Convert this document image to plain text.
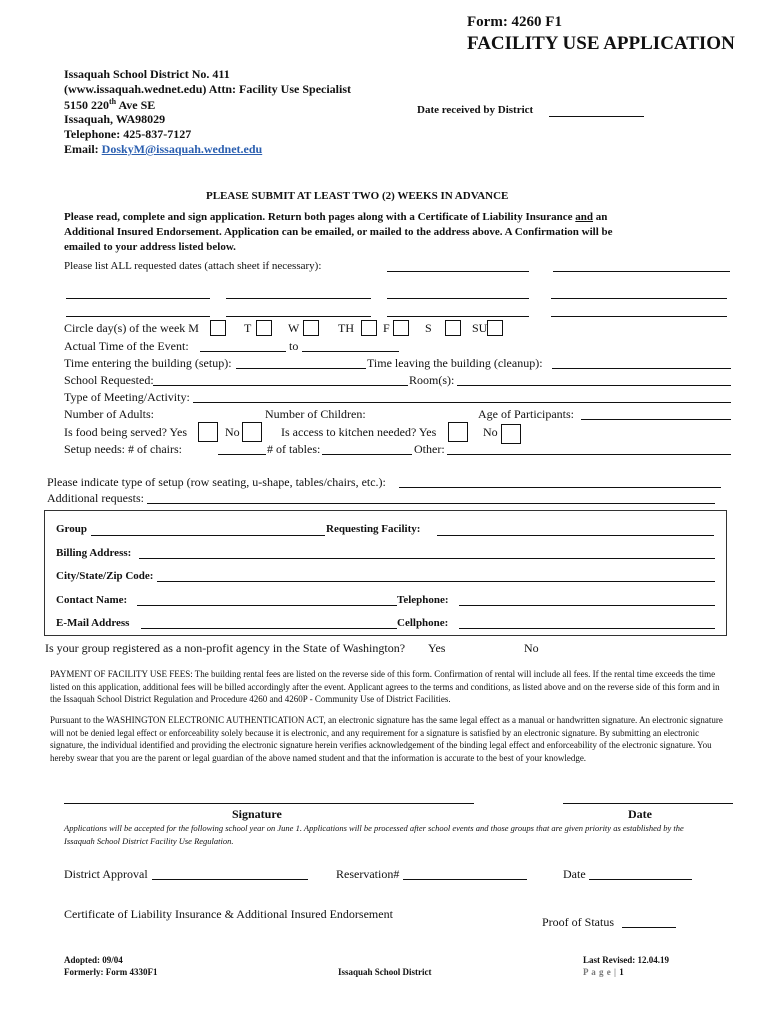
Form: 4260 F1
FACILITY USE APPLICATION
Issaquah School District No. 411
(www.issaquah.wednet.edu) Attn: Facility Use Specialist
5150 220th Ave SE
Issaquah, WA98029
Telephone: 425-837-7127
Email: DoskyM@issaquah.wednet.edu
Date received by District
PLEASE SUBMIT AT LEAST TWO (2) WEEKS IN ADVANCE
Please read, complete and sign application. Return both pages along with a Certificate of Liability Insurance and an
Additional Insured Endorsement. Application can be emailed, or mailed to the address above. A Confirmation will be
emailed to your address listed below.
Please list ALL requested dates (attach sheet if necessary):
Circle day(s) of the week M	T	W	TH F	S	SU
Actual Time of the Event:	to
Time entering the building (setup):	Time leaving the building (cleanup):
School Requested:	Room(s):
Type of Meeting/Activity:
Number of Adults:	Number of Children:	Age of Participants:
Is food being served? Yes	No	Is access to kitchen needed? Yes	No
Setup needs: # of chairs:	# of tables:	Other:
Please indicate type of setup (row seating, u-shape, tables/chairs, etc.):
Additional requests:
Group	Requesting Facility:
Billing Address:
City/State/Zip Code:
Contact Name:	Telephone:
E-Mail Address	Cellphone:
Is your group registered as a non-profit agency in the State of Washington? Yes	No
PAYMENT OF FACILITY USE FEES: The building rental fees are listed on the reverse side of this form. Confirmation of rental will include all fees. If the rental time exceeds the time listed on this application, additional fees will be billed accordingly after the event. Applicant agrees to the terms and conditions, as listed above and on the reverse side of this form and in the Issaquah School District Regulation and Procedure 4260 and 4260P - Community Use of District Facilities.
Pursuant to the WASHINGTON ELECTRONIC AUTHENTICATION ACT, an electronic signature has the same legal effect as a manual or handwritten signature. An electronic signature will not be denied legal effect or enforceability solely because it is electronic, and any requirement for a signature is satisfied by an electronic signature. By submitting an electronic signature, the individual identified and providing the electronic signature herein verifies acknowledgement of the binding legal effect and enforceability of the electronic signature. You hereby swear that you are the parent or legal guardian of the above named student and that the information is accurate to the best of your knowledge.
Signature	Date
Applications will be accepted for the following school year on June 1. Applications will be processed after school events and those groups that are given priority as established by the Issaquah School District Facility Use Regulation.
District Approval	Reservation#	Date
Certificate of Liability Insurance & Additional Insured Endorsement
Proof of Status
Adopted: 09/04
Formerly: Form 4330F1	Issaquah School District
Last Revised: 12.04.19
P a g e | 1
